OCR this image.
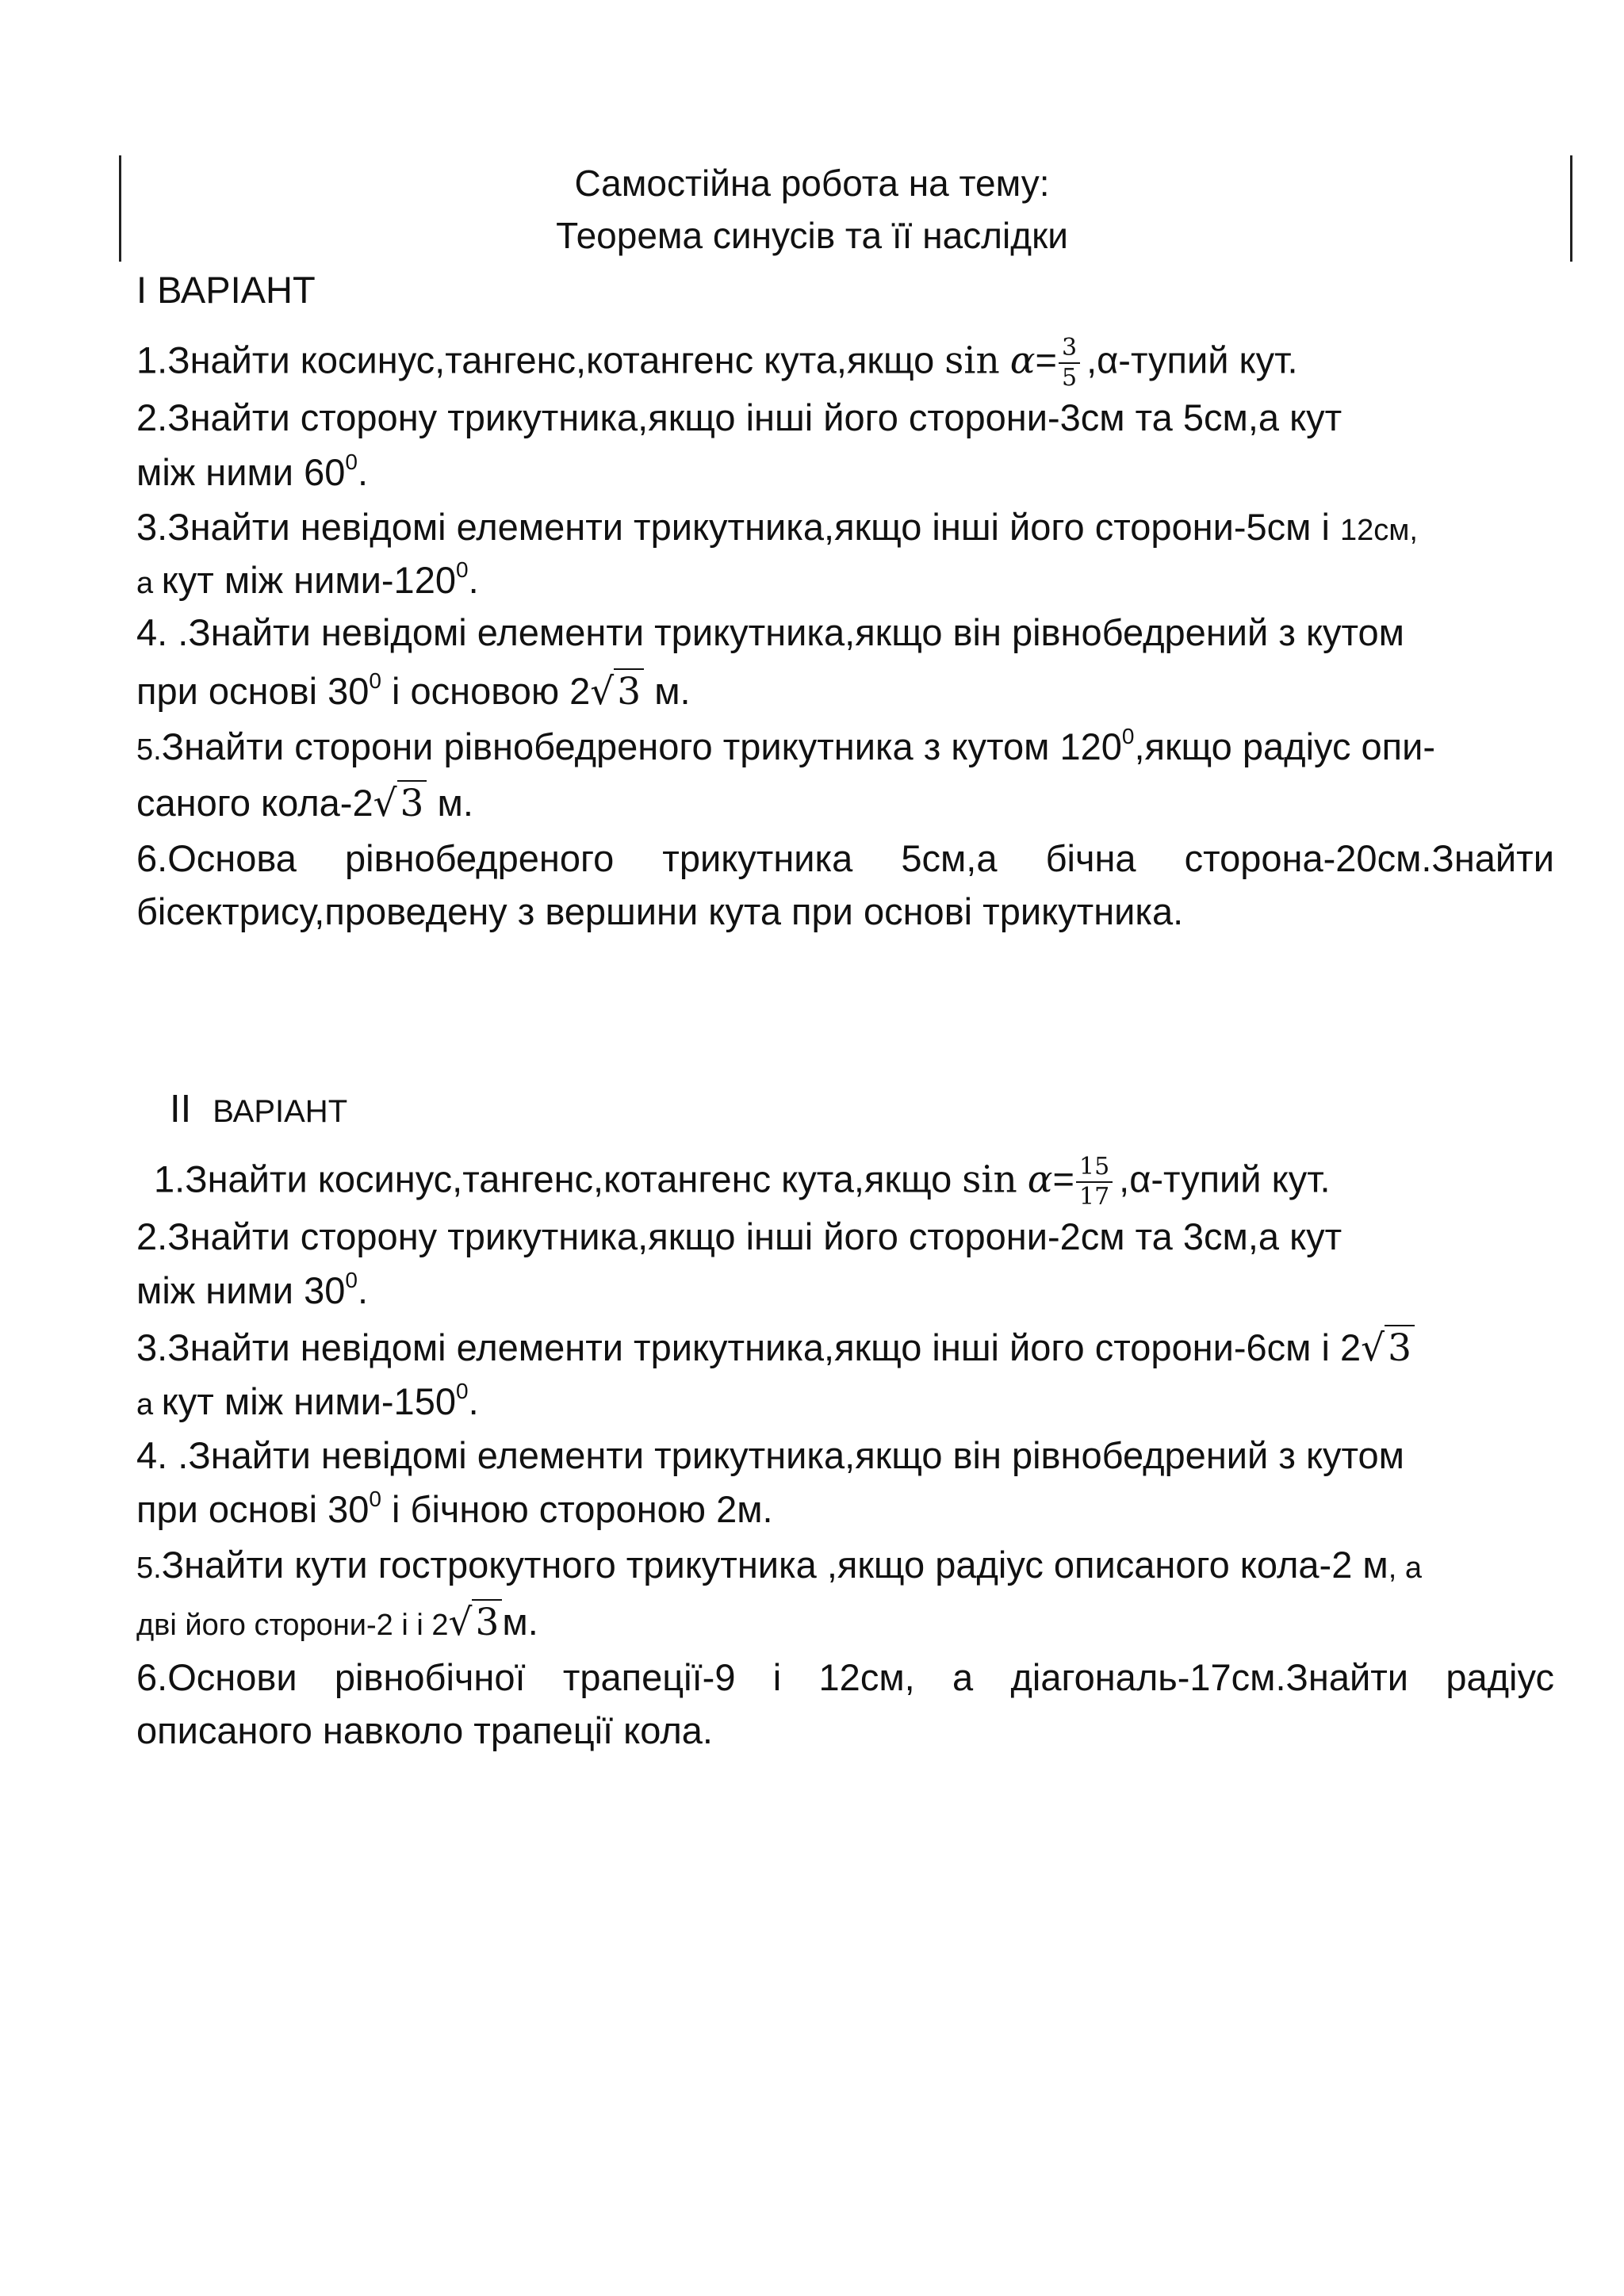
Самостійна робота на тему:
Теорема синусів та її наслідки
І ВАРІАНТ
1.Знайти косинус,тангенс,котангенс кута,якщо $\sin \alpha= \frac{3}{5}$ ,α-тупий кут.
2.Знайти сторону трикутника,якщо інші його сторони-3см та 5см,а кут
між ними $60^0$.
3.Знайти невідомі елементи трикутника,якщо інші його сторони-5см і 12см,
а кут між ними-$120^0$.
4. .Знайти невідомі елементи трикутника,якщо він рівнобедрений з кутом
при основі $30^0$ і основою 2√3 м.
5.Знайти сторони рівнобедреного трикутника з кутом $120^0,якщо$ радіус опи-
саного кола-2√3 м.
6.Основа рівнобедреного трикутника 5см,а бічна сторона-20см.Знайти
бісектрису,проведену з вершини кута при основі трикутника.
ІІ ВАРІАНТ
1.Знайти косинус,тангенс,котангенс кута,якщо $\sin \alpha= \frac{15}{17}$ ,α-тупий кут.
2.Знайти сторону трикутника,якщо інші його сторони-2см та 3см,а кут
між ними $30^0$.
3.Знайти невідомі елементи трикутника,якщо інші його сторони-6см і 2√3
а кут між ними-$150^0$.
4. .Знайти невідомі елементи трикутника,якщо він рівнобедрений з кутом
при основі $30^0$ і бічною стороною 2м.
5.Знайти кути гострокутного трикутника ,якщо радіус описаного кола-2 м, а
дві його сторони-2 і і 2√3м.
6.Основи рівнобічної трапеції-9 і 12см, а діагональ-17см.Знайти радіус
описаного навколо трапеції кола.
